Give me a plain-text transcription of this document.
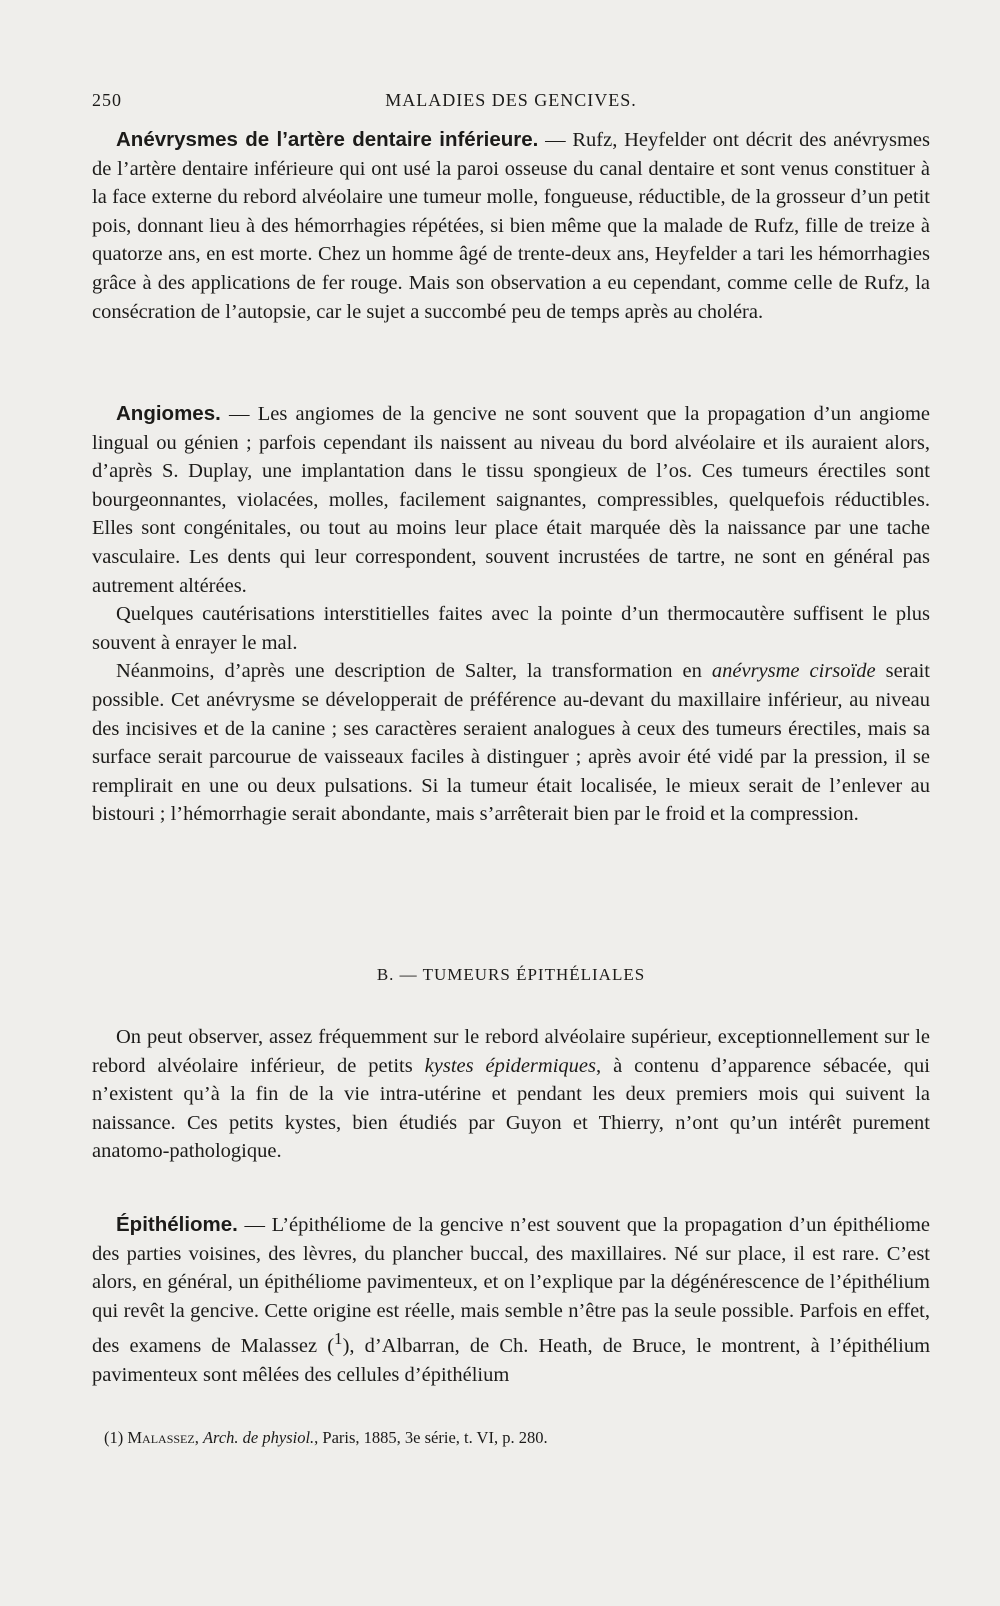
250	MALADIES DES GENCIVES.

Anévrysmes de l’artère dentaire inférieure. — Rufz, Heyfelder ont décrit des anévrysmes de l’artère dentaire inférieure qui ont usé la paroi osseuse du canal dentaire et sont venus constituer à la face externe du rebord alvéolaire une tumeur molle, fongueuse, réductible, de la grosseur d’un petit pois, donnant lieu à des hémorrhagies répétées, si bien même que la malade de Rufz, fille de treize à quatorze ans, en est morte. Chez un homme âgé de trente-deux ans, Heyfelder a tari les hémorrhagies grâce à des applications de fer rouge. Mais son observation a eu cependant, comme celle de Rufz, la consécration de l’autopsie, car le sujet a succombé peu de temps après au choléra.

Angiomes. — Les angiomes de la gencive ne sont souvent que la propagation d’un angiome lingual ou génien ; parfois cependant ils naissent au niveau du bord alvéolaire et ils auraient alors, d’après S. Duplay, une implantation dans le tissu spongieux de l’os. Ces tumeurs érectiles sont bourgeonnantes, violacées, molles, facilement saignantes, compressibles, quelquefois réductibles. Elles sont congénitales, ou tout au moins leur place était marquée dès la naissance par une tache vasculaire. Les dents qui leur correspondent, souvent incrustées de tartre, ne sont en général pas autrement altérées.

Quelques cautérisations interstitielles faites avec la pointe d’un thermocautère suffisent le plus souvent à enrayer le mal.

Néanmoins, d’après une description de Salter, la transformation en anévrysme cirsoïde serait possible. Cet anévrysme se développerait de préférence au-devant du maxillaire inférieur, au niveau des incisives et de la canine ; ses caractères seraient analogues à ceux des tumeurs érectiles, mais sa surface serait parcourue de vaisseaux faciles à distinguer ; après avoir été vidé par la pression, il se remplirait en une ou deux pulsations. Si la tumeur était localisée, le mieux serait de l’enlever au bistouri ; l’hémorrhagie serait abondante, mais s’arrêterait bien par le froid et la compression.

B. — TUMEURS ÉPITHÉLIALES

On peut observer, assez fréquemment sur le rebord alvéolaire supérieur, exceptionnellement sur le rebord alvéolaire inférieur, de petits kystes épidermiques, à contenu d’apparence sébacée, qui n’existent qu’à la fin de la vie intra-utérine et pendant les deux premiers mois qui suivent la naissance. Ces petits kystes, bien étudiés par Guyon et Thierry, n’ont qu’un intérêt purement anatomo-pathologique.

Épithéliome. — L’épithéliome de la gencive n’est souvent que la propagation d’un épithéliome des parties voisines, des lèvres, du plancher buccal, des maxillaires. Né sur place, il est rare. C’est alors, en général, un épithéliome pavimenteux, et on l’explique par la dégénérescence de l’épithélium qui revêt la gencive. Cette origine est réelle, mais semble n’être pas la seule possible. Parfois en effet, des examens de Malassez ($^1$), d’Albarran, de Ch. Heath, de Bruce, le montrent, à l’épithélium pavimenteux sont mêlées des cellules d’épithélium

(1) Malassez, Arch. de physiol., Paris, 1885, 3e série, t. VI, p. 280.
